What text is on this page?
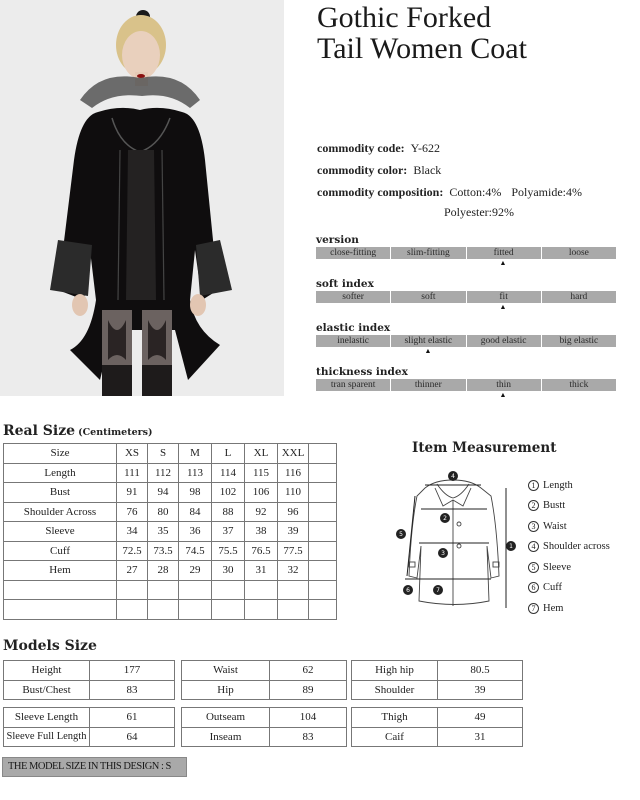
Gothic Forked
Tail Women Coat
commodity code: Y-622
commodity color: Black
commodity composition: Cotton:4% Polyamide:4%
Polyester:92%
version
close-fitting	slim-fitting	fitted	loose
▲
soft index
softer	soft	fit	hard
▲
elastic index
inelastic	slight elastic	good elastic	big elastic
▲
thickness index
tran sparent	thinner	thin	thick
▲
Real Size (Centimeters)
Size	XS	S	M	L	XL	XXL	
Length	111	112	113	114	115	116	
Bust	91	94	98	102	106	110	
Shoulder Across	76	80	84	88	92	96	
Sleeve	34	35	36	37	38	39	
Cuff	72.5	73.5	74.5	75.5	76.5	77.5	
Hem	27	28	29	30	31	32	

Item Measurement
4
2
3
7
1
5
6
1 Length
2 Bustt
3 Waist
4 Shoulder across
5 Sleeve
6 Cuff
7 Hem
Models Size
Height	177
Bust/Chest	83
Waist	62
Hip	89
High hip	80.5
Shoulder	39
Sleeve Length	61
Sleeve Full Length	64
Outseam	104
Inseam	83
Thigh	49
Caif	31
THE MODEL SIZE IN THIS DESIGN : S
